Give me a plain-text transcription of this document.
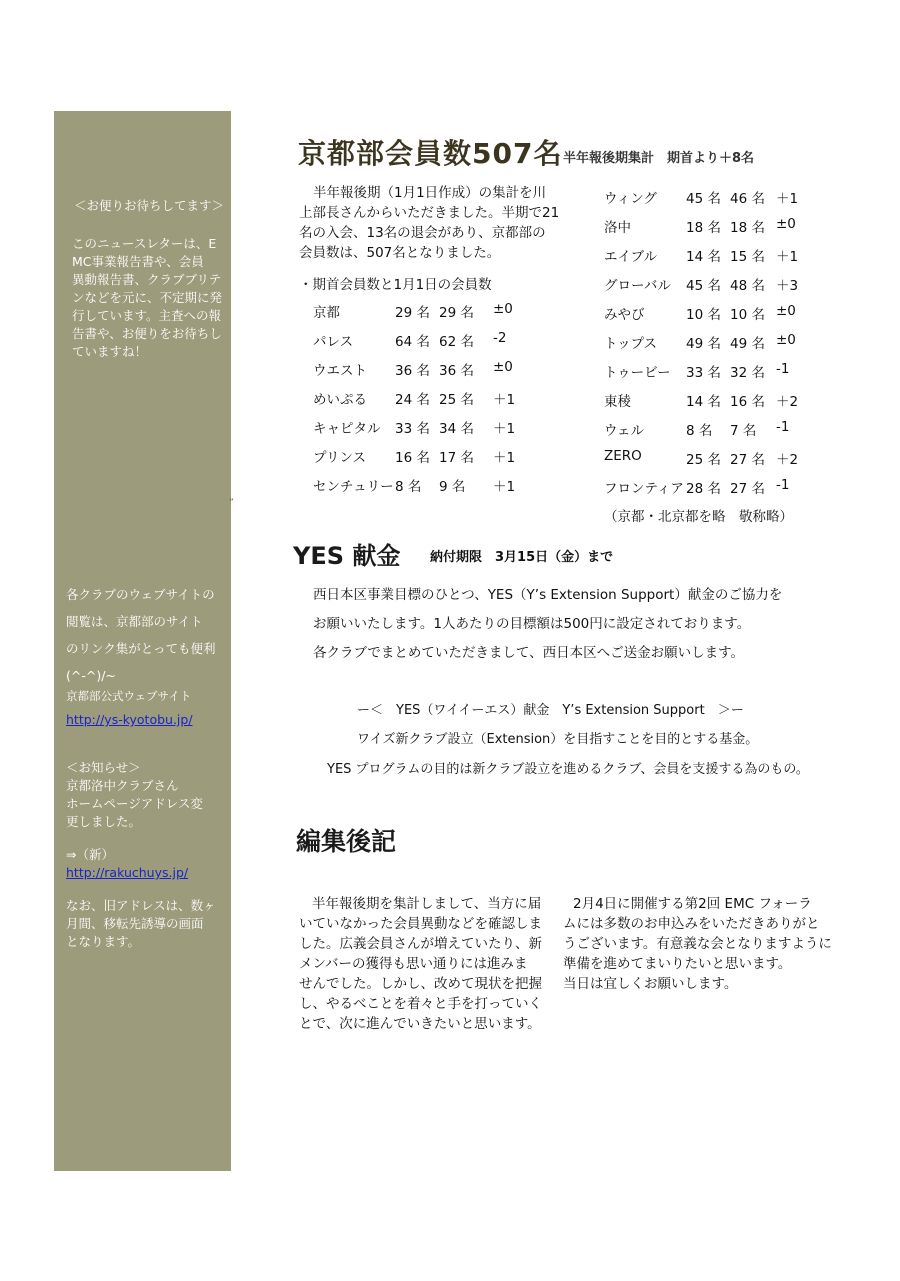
＜お便りお待ちしてます＞
このニュースレターは、E
MC事業報告書や、会員
異動報告書、クラブブリテ
ンなどを元に、不定期に発
行しています。主査への報
告書や、お便りをお待ちし
ていますね！
各クラブのウェブサイトの
閲覧は、京都部のサイト
のリンク集がとっても便利
(^-^)/~
京都部公式ウェブサイト
http://ys-kyotobu.jp/
＜お知らせ＞
京都洛中クラブさん
ホームページアドレス変
更しました。
⇒（新）
http://rakuchuys.jp/
なお、旧アドレスは、数ヶ
月間、移転先誘導の画面
となります。
”
京都部会員数507名 半年報後期集計　期首より＋8名
半年報後期（1月1日作成）の集計を川
上部長さんからいただきました。半期で21
名の入会、13名の退会があり、京都部の
会員数は、507名となりました。
・期首会員数と1月1日の会員数
京都	29 名 29 名 ±0
パレス	64 名 62 名 -2
ウエスト 36 名 36 名 ±0
めいぷる 24 名 25 名 ＋1
キャピタル 33 名 34 名 ＋1
プリンス 16 名 17 名 ＋1
センチュリー 8 名 9 名 ＋1
ウィング 45 名 46 名 ＋1
洛中	18 名 18 名 ±0
エイブル 14 名 15 名 ＋1
グローバル 45 名 48 名 ＋3
みやび	10 名 10 名 ±0
トップス 49 名 49 名 ±0
トゥービー 33 名 32 名 -1
東稜	14 名 16 名 ＋2
ウェル	8 名 7 名 -1
ZERO	25 名 27 名 ＋2
フロンティア 28 名 27 名 -1
（京都・北京都を略　敬称略）
YES 献金 納付期限　3月15日（金）まで
西日本区事業目標のひとつ、YES（Y’s Extension Support）献金のご協力を
お願いいたします。1人あたりの目標額は500円に設定されております。
各クラブでまとめていただきまして、西日本区へご送金お願いします。
ー＜　YES（ワイイーエス）献金　Y’s Extension Support　＞ー
ワイズ新クラブ設立（Extension）を目指すことを目的とする基金。
YES プログラムの目的は新クラブ設立を進めるクラブ、会員を支援する為のもの。
編集後記
半年報後期を集計しまして、当方に届
いていなかった会員異動などを確認しま
した。広義会員さんが増えていたり、新
メンバーの獲得も思い通りには進みま
せんでした。しかし、改めて現状を把握
し、やるべことを着々と手を打っていく
とで、次に進んでいきたいと思います。
2月4日に開催する第2回 EMC フォーラ
ムには多数のお申込みをいただきありがと
うございます。有意義な会となりますように
準備を進めてまいりたいと思います。
当日は宜しくお願いします。
